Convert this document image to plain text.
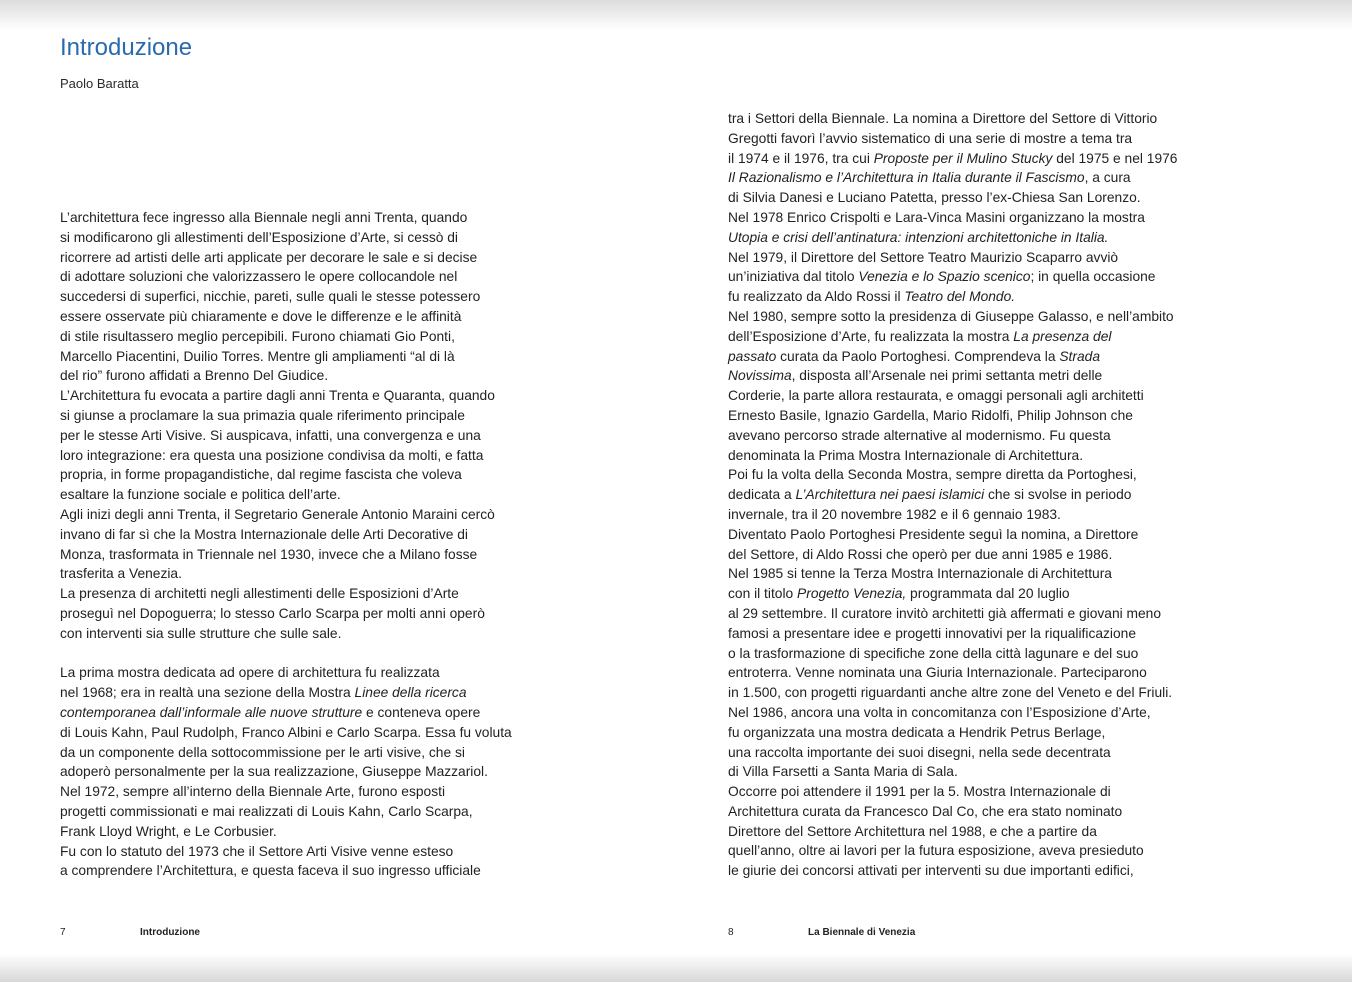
Introduzione
Paolo Baratta
L’architettura fece ingresso alla Biennale negli anni Trenta, quando
si modificarono gli allestimenti dell’Esposizione d’Arte, si cessò di
ricorrere ad artisti delle arti applicate per decorare le sale e si decise
di adottare soluzioni che valorizzassero le opere collocandole nel
succedersi di superfici, nicchie, pareti, sulle quali le stesse potessero
essere osservate più chiaramente e dove le differenze e le affinità
di stile risultassero meglio percepibili. Furono chiamati Gio Ponti,
Marcello Piacentini, Duilio Torres. Mentre gli ampliamenti “al di là
del rio” furono affidati a Brenno Del Giudice.
L’Architettura fu evocata a partire dagli anni Trenta e Quaranta, quando
si giunse a proclamare la sua primazia quale riferimento principale
per le stesse Arti Visive. Si auspicava, infatti, una convergenza e una
loro integrazione: era questa una posizione condivisa da molti, e fatta
propria, in forme propagandistiche, dal regime fascista che voleva
esaltare la funzione sociale e politica dell’arte.
Agli inizi degli anni Trenta, il Segretario Generale Antonio Maraini cercò
invano di far sì che la Mostra Internazionale delle Arti Decorative di
Monza, trasformata in Triennale nel 1930, invece che a Milano fosse
trasferita a Venezia.
La presenza di architetti negli allestimenti delle Esposizioni d’Arte
proseguì nel Dopoguerra; lo stesso Carlo Scarpa per molti anni operò
con interventi sia sulle strutture che sulle sale.
La prima mostra dedicata ad opere di architettura fu realizzata
nel 1968; era in realtà una sezione della Mostra Linee della ricerca
contemporanea dall’informale alle nuove strutture e conteneva opere
di Louis Kahn, Paul Rudolph, Franco Albini e Carlo Scarpa. Essa fu voluta
da un componente della sottocommissione per le arti visive, che si
adoperò personalmente per la sua realizzazione, Giuseppe Mazzariol.
Nel 1972, sempre all’interno della Biennale Arte, furono esposti
progetti commissionati e mai realizzati di Louis Kahn, Carlo Scarpa,
Frank Lloyd Wright, e Le Corbusier.
Fu con lo statuto del 1973 che il Settore Arti Visive venne esteso
a comprendere l’Architettura, e questa faceva il suo ingresso ufficiale
7	Introduzione
tra i Settori della Biennale. La nomina a Direttore del Settore di Vittorio
Gregotti favorì l’avvio sistematico di una serie di mostre a tema tra
il 1974 e il 1976, tra cui Proposte per il Mulino Stucky del 1975 e nel 1976
Il Razionalismo e l’Architettura in Italia durante il Fascismo, a cura
di Silvia Danesi e Luciano Patetta, presso l’ex-Chiesa San Lorenzo.
Nel 1978 Enrico Crispolti e Lara-Vinca Masini organizzano la mostra
Utopia e crisi dell’antinatura: intenzioni architettoniche in Italia.
Nel 1979, il Direttore del Settore Teatro Maurizio Scaparro avviò
un’iniziativa dal titolo Venezia e lo Spazio scenico; in quella occasione
fu realizzato da Aldo Rossi il Teatro del Mondo.
Nel 1980, sempre sotto la presidenza di Giuseppe Galasso, e nell’ambito
dell’Esposizione d’Arte, fu realizzata la mostra La presenza del
passato curata da Paolo Portoghesi. Comprendeva la Strada
Novissima, disposta all’Arsenale nei primi settanta metri delle
Corderie, la parte allora restaurata, e omaggi personali agli architetti
Ernesto Basile, Ignazio Gardella, Mario Ridolfi, Philip Johnson che
avevano percorso strade alternative al modernismo. Fu questa
denominata la Prima Mostra Internazionale di Architettura.
Poi fu la volta della Seconda Mostra, sempre diretta da Portoghesi,
dedicata a L’Architettura nei paesi islamici che si svolse in periodo
invernale, tra il 20 novembre 1982 e il 6 gennaio 1983.
Diventato Paolo Portoghesi Presidente seguì la nomina, a Direttore
del Settore, di Aldo Rossi che operò per due anni 1985 e 1986.
Nel 1985 si tenne la Terza Mostra Internazionale di Architettura
con il titolo Progetto Venezia, programmata dal 20 luglio
al 29 settembre. Il curatore invitò architetti già affermati e giovani meno
famosi a presentare idee e progetti innovativi per la riqualificazione
o la trasformazione di specifiche zone della città lagunare e del suo
entroterra. Venne nominata una Giuria Internazionale. Parteciparono
in 1.500, con progetti riguardanti anche altre zone del Veneto e del Friuli.
Nel 1986, ancora una volta in concomitanza con l’Esposizione d’Arte,
fu organizzata una mostra dedicata a Hendrik Petrus Berlage,
una raccolta importante dei suoi disegni, nella sede decentrata
di Villa Farsetti a Santa Maria di Sala.
Occorre poi attendere il 1991 per la 5. Mostra Internazionale di
Architettura curata da Francesco Dal Co, che era stato nominato
Direttore del Settore Architettura nel 1988, e che a partire da
quell’anno, oltre ai lavori per la futura esposizione, aveva presieduto
le giurie dei concorsi attivati per interventi su due importanti edifici,
8	La Biennale di Venezia
